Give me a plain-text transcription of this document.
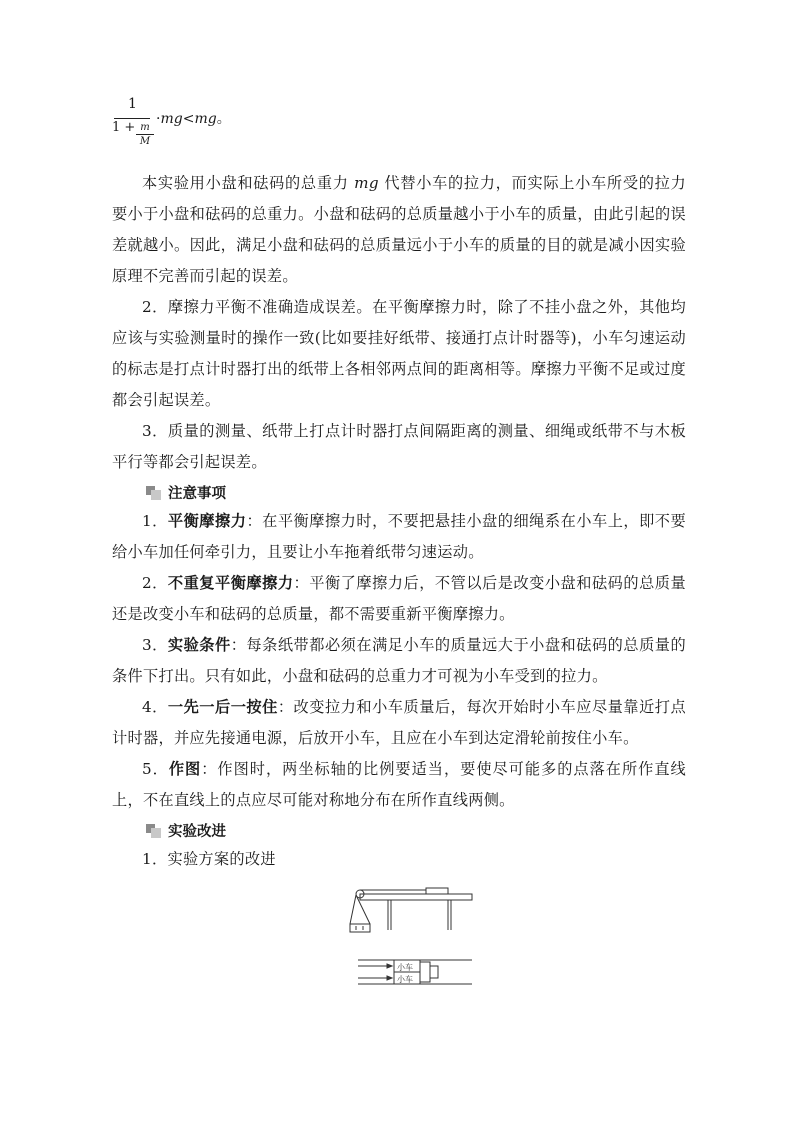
1
1 + m
M
·mg<mg。
本实验用小盘和砝码的总重力 mg 代替小车的拉力，而实际上小车所受的拉力要小于小盘和砝码的总重力。小盘和砝码的总质量越小于小车的质量，由此引起的误差就越小。因此，满足小盘和砝码的总质量远小于小车的质量的目的就是减小因实验原理不完善而引起的误差。
2．摩擦力平衡不准确造成误差。在平衡摩擦力时，除了不挂小盘之外，其他均应该与实验测量时的操作一致(比如要挂好纸带、接通打点计时器等)，小车匀速运动的标志是打点计时器打出的纸带上各相邻两点间的距离相等。摩擦力平衡不足或过度都会引起误差。
3．质量的测量、纸带上打点计时器打点间隔距离的测量、细绳或纸带不与木板平行等都会引起误差。
注意事项
1．平衡摩擦力：在平衡摩擦力时，不要把悬挂小盘的细绳系在小车上，即不要给小车加任何牵引力，且要让小车拖着纸带匀速运动。
2．不重复平衡摩擦力：平衡了摩擦力后，不管以后是改变小盘和砝码的总质量还是改变小车和砝码的总质量，都不需要重新平衡摩擦力。
3．实验条件：每条纸带都必须在满足小车的质量远大于小盘和砝码的总质量的条件下打出。只有如此，小盘和砝码的总重力才可视为小车受到的拉力。
4．一先一后一按住：改变拉力和小车质量后，每次开始时小车应尽量靠近打点计时器，并应先接通电源，后放开小车，且应在小车到达定滑轮前按住小车。
5．作图：作图时，两坐标轴的比例要适当，要使尽可能多的点落在所作直线上，不在直线上的点应尽可能对称地分布在所作直线两侧。
实验改进
1．实验方案的改进
小车
小车
